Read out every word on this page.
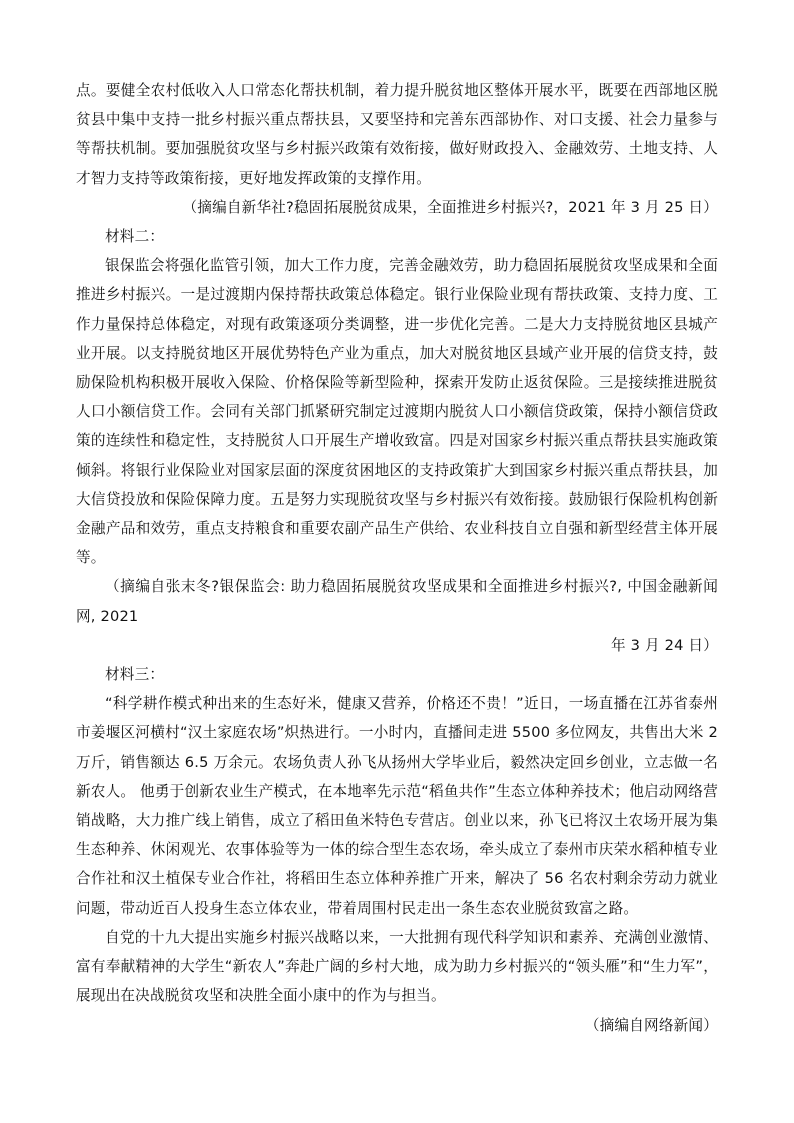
点。要健全农村低收入人口常态化帮扶机制，着力提升脱贫地区整体开展水平，既要在西部地区脱贫县中集中支持一批乡村振兴重点帮扶县，又要坚持和完善东西部协作、对口支援、社会力量参与等帮扶机制。要加强脱贫攻坚与乡村振兴政策有效衔接，做好财政投入、金融效劳、土地支持、人才智力支持等政策衔接，更好地发挥政策的支撑作用。

（摘编自新华社?稳固拓展脱贫成果，全面推进乡村振兴?，2021 年 3 月 25 日）

材料二：

银保监会将强化监管引领，加大工作力度，完善金融效劳，助力稳固拓展脱贫攻坚成果和全面推进乡村振兴。一是过渡期内保持帮扶政策总体稳定。银行业保险业现有帮扶政策、支持力度、工作力量保持总体稳定，对现有政策逐项分类调整，进一步优化完善。二是大力支持脱贫地区县城产业开展。以支持脱贫地区开展优势特色产业为重点，加大对脱贫地区县域产业开展的信贷支持，鼓励保险机构积极开展收入保险、价格保险等新型险种，探索开发防止返贫保险。三是接续推进脱贫人口小额信贷工作。会同有关部门抓紧研究制定过渡期内脱贫人口小额信贷政策，保持小额信贷政策的连续性和稳定性，支持脱贫人口开展生产增收致富。四是对国家乡村振兴重点帮扶县实施政策倾斜。将银行业保险业对国家层面的深度贫困地区的支持政策扩大到国家乡村振兴重点帮扶县，加大信贷投放和保险保障力度。五是努力实现脱贫攻坚与乡村振兴有效衔接。鼓励银行保险机构创新金融产品和效劳，重点支持粮食和重要农副产品生产供给、农业科技自立自强和新型经营主体开展等。

（摘编自张末冬?银保监会: 助力稳固拓展脱贫攻坚成果和全面推进乡村振兴?, 中国金融新闻网, 2021
年 3 月 24 日）

材料三：

“科学耕作模式种出来的生态好米，健康又营养，价格还不贵！”近日，一场直播在江苏省泰州市姜堰区河横村“汉土家庭农场”炽热进行。一小时内，直播间走进 5500 多位网友，共售出大米 2 万斤，销售额达 6.5 万余元。农场负责人孙飞从扬州大学毕业后，毅然决定回乡创业，立志做一名新农人。 他勇于创新农业生产模式，在本地率先示范“稻鱼共作”生态立体种养技术；他启动网络营销战略，大力推广线上销售，成立了稻田鱼米特色专营店。创业以来，孙飞已将汉土农场开展为集生态种养、休闲观光、农事体验等为一体的综合型生态农场，牵头成立了泰州市庆荣水稻种植专业合作社和汉土植保专业合作社，将稻田生态立体种养推广开来，解决了 56 名农村剩余劳动力就业问题，带动近百人投身生态立体农业，带着周围村民走出一条生态农业脱贫致富之路。

自党的十九大提出实施乡村振兴战略以来，一大批拥有现代科学知识和素养、充满创业激情、富有奉献精神的大学生“新农人”奔赴广阔的乡村大地，成为助力乡村振兴的“领头雁”和“生力军”，展现出在决战脱贫攻坚和决胜全面小康中的作为与担当。

（摘编自网络新闻）
